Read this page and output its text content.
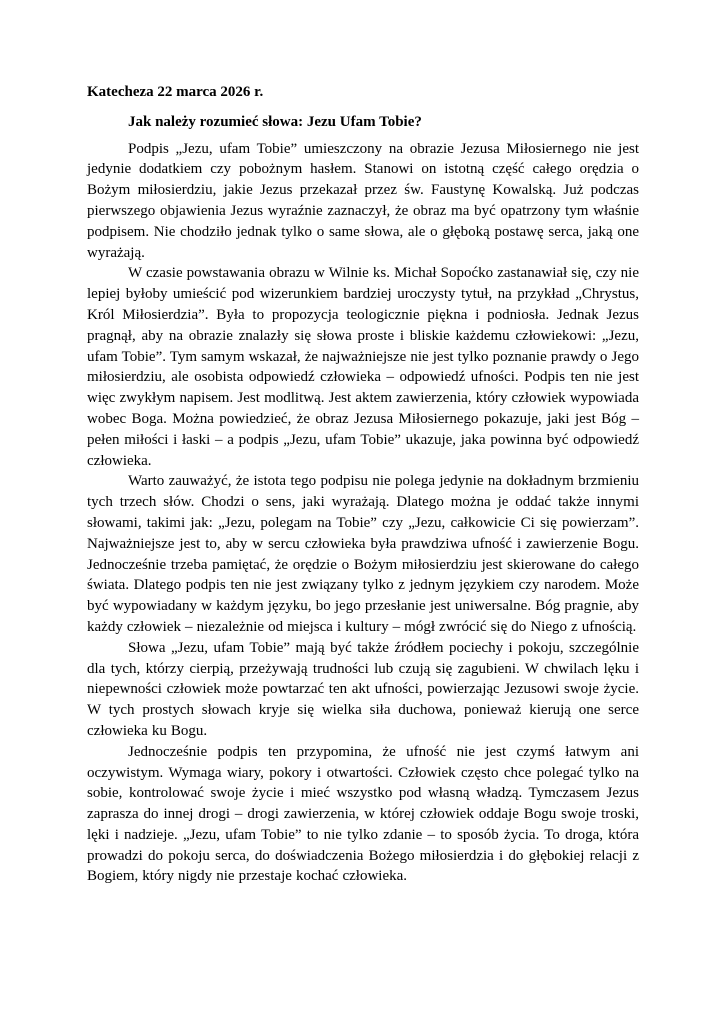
Katecheza 22 marca 2026 r.
Jak należy rozumieć słowa: Jezu Ufam Tobie?

Podpis „Jezu, ufam Tobie” umieszczony na obrazie Jezusa Miłosiernego nie jest jedynie dodatkiem czy pobożnym hasłem. Stanowi on istotną część całego orędzia o Bożym miłosierdziu, jakie Jezus przekazał przez św. Faustynę Kowalską. Już podczas pierwszego objawienia Jezus wyraźnie zaznaczył, że obraz ma być opatrzony tym właśnie podpisem. Nie chodziło jednak tylko o same słowa, ale o głęboką postawę serca, jaką one wyrażają.

W czasie powstawania obrazu w Wilnie ks. Michał Sopoćko zastanawiał się, czy nie lepiej byłoby umieścić pod wizerunkiem bardziej uroczysty tytuł, na przykład „Chrystus, Król Miłosierdzia”. Była to propozycja teologicznie piękna i podniosła. Jednak Jezus pragnął, aby na obrazie znalazły się słowa proste i bliskie każdemu człowiekowi: „Jezu, ufam Tobie”. Tym samym wskazał, że najważniejsze nie jest tylko poznanie prawdy o Jego miłosierdziu, ale osobista odpowiedź człowieka – odpowiedź ufności. Podpis ten nie jest więc zwykłym napisem. Jest modlitwą. Jest aktem zawierzenia, który człowiek wypowiada wobec Boga. Można powiedzieć, że obraz Jezusa Miłosiernego pokazuje, jaki jest Bóg – pełen miłości i łaski – a podpis „Jezu, ufam Tobie” ukazuje, jaka powinna być odpowiedź człowieka.

Warto zauważyć, że istota tego podpisu nie polega jedynie na dokładnym brzmieniu tych trzech słów. Chodzi o sens, jaki wyrażają. Dlatego można je oddać także innymi słowami, takimi jak: „Jezu, polegam na Tobie” czy „Jezu, całkowicie Ci się powierzam”. Najważniejsze jest to, aby w sercu człowieka była prawdziwa ufność i zawierzenie Bogu. Jednocześnie trzeba pamiętać, że orędzie o Bożym miłosierdziu jest skierowane do całego świata. Dlatego podpis ten nie jest związany tylko z jednym językiem czy narodem. Może być wypowiadany w każdym języku, bo jego przesłanie jest uniwersalne. Bóg pragnie, aby każdy człowiek – niezależnie od miejsca i kultury – mógł zwrócić się do Niego z ufnością.

Słowa „Jezu, ufam Tobie” mają być także źródłem pociechy i pokoju, szczególnie dla tych, którzy cierpią, przeżywają trudności lub czują się zagubieni. W chwilach lęku i niepewności człowiek może powtarzać ten akt ufności, powierzając Jezusowi swoje życie. W tych prostych słowach kryje się wielka siła duchowa, ponieważ kierują one serce człowieka ku Bogu.

Jednocześnie podpis ten przypomina, że ufność nie jest czymś łatwym ani oczywistym. Wymaga wiary, pokory i otwartości. Człowiek często chce polegać tylko na sobie, kontrolować swoje życie i mieć wszystko pod własną władzą. Tymczasem Jezus zaprasza do innej drogi – drogi zawierzenia, w której człowiek oddaje Bogu swoje troski, lęki i nadzieje. „Jezu, ufam Tobie” to nie tylko zdanie – to sposób życia. To droga, która prowadzi do pokoju serca, do doświadczenia Bożego miłosierdzia i do głębokiej relacji z Bogiem, który nigdy nie przestaje kochać człowieka.
